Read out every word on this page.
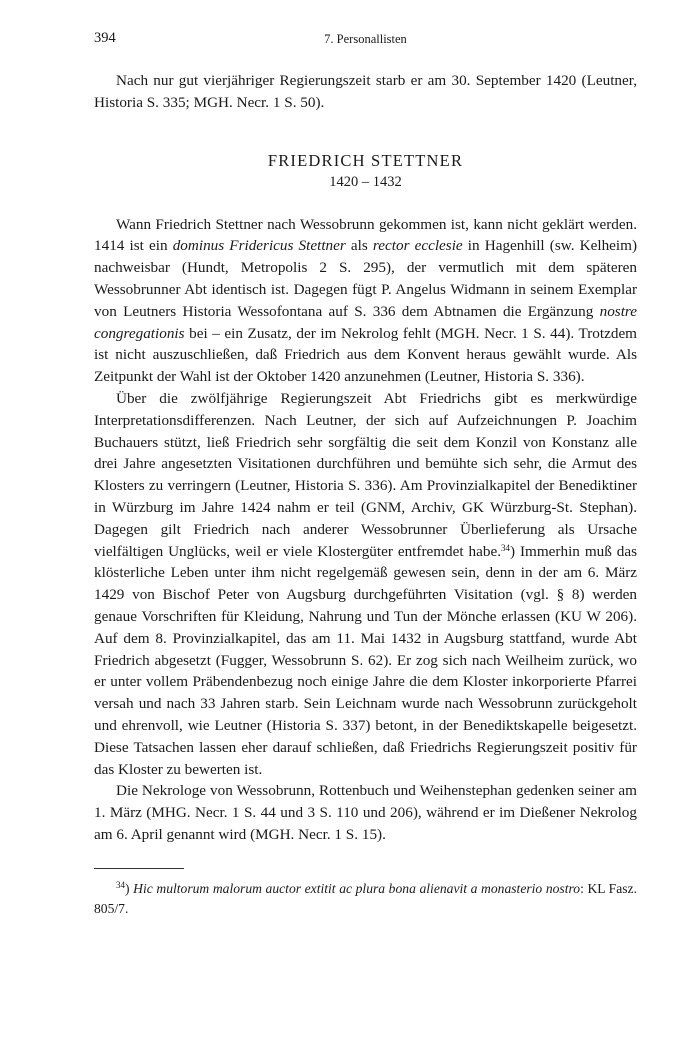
394	7. Personallisten

Nach nur gut vierjähriger Regierungszeit starb er am 30. September 1420 (Leutner, Historia S. 335; MGH. Necr. 1 S. 50).

FRIEDRICH STETTNER
1420 – 1432

Wann Friedrich Stettner nach Wessobrunn gekommen ist, kann nicht geklärt werden. 1414 ist ein dominus Fridericus Stettner als rector ecclesie in Hagenhill (sw. Kelheim) nachweisbar (Hundt, Metropolis 2 S. 295), der vermutlich mit dem späteren Wessobrunner Abt identisch ist. Dagegen fügt P. Angelus Widmann in seinem Exemplar von Leutners Historia Wessofontana auf S. 336 dem Abtnamen die Ergänzung nostre congregationis bei – ein Zusatz, der im Nekrolog fehlt (MGH. Necr. 1 S. 44). Trotzdem ist nicht auszuschließen, daß Friedrich aus dem Konvent heraus gewählt wurde. Als Zeitpunkt der Wahl ist der Oktober 1420 anzunehmen (Leutner, Historia S. 336).

Über die zwölfjährige Regierungszeit Abt Friedrichs gibt es merkwürdige Interpretationsdifferenzen. Nach Leutner, der sich auf Aufzeichnungen P. Joachim Buchauers stützt, ließ Friedrich sehr sorgfältig die seit dem Konzil von Konstanz alle drei Jahre angesetzten Visitationen durchführen und bemühte sich sehr, die Armut des Klosters zu verringern (Leutner, Historia S. 336). Am Provinzialkapitel der Benediktiner in Würzburg im Jahre 1424 nahm er teil (GNM, Archiv, GK Würzburg-St. Stephan). Dagegen gilt Friedrich nach anderer Wessobrunner Überlieferung als Ursache vielfältigen Unglücks, weil er viele Klostergüter entfremdet habe.$^{34}$) Immerhin muß das klösterliche Leben unter ihm nicht regelgemäß gewesen sein, denn in der am 6. März 1429 von Bischof Peter von Augsburg durchgeführten Visitation (vgl. § 8) werden genaue Vorschriften für Kleidung, Nahrung und Tun der Mönche erlassen (KU W 206). Auf dem 8. Provinzialkapitel, das am 11. Mai 1432 in Augsburg stattfand, wurde Abt Friedrich abgesetzt (Fugger, Wessobrunn S. 62). Er zog sich nach Weilheim zurück, wo er unter vollem Präbendenbezug noch einige Jahre die dem Kloster inkorporierte Pfarrei versah und nach 33 Jahren starb. Sein Leichnam wurde nach Wessobrunn zurückgeholt und ehrenvoll, wie Leutner (Historia S. 337) betont, in der Benediktskapelle beigesetzt. Diese Tatsachen lassen eher darauf schließen, daß Friedrichs Regierungszeit positiv für das Kloster zu bewerten ist.

Die Nekrologe von Wessobrunn, Rottenbuch und Weihenstephan gedenken seiner am 1. März (MHG. Necr. 1 S. 44 und 3 S. 110 und 206), während er im Dießener Nekrolog am 6. April genannt wird (MGH. Necr. 1 S. 15).

$^{34}$) Hic multorum malorum auctor extitit ac plura bona alienavit a monasterio nostro: KL Fasz. 805/7.
